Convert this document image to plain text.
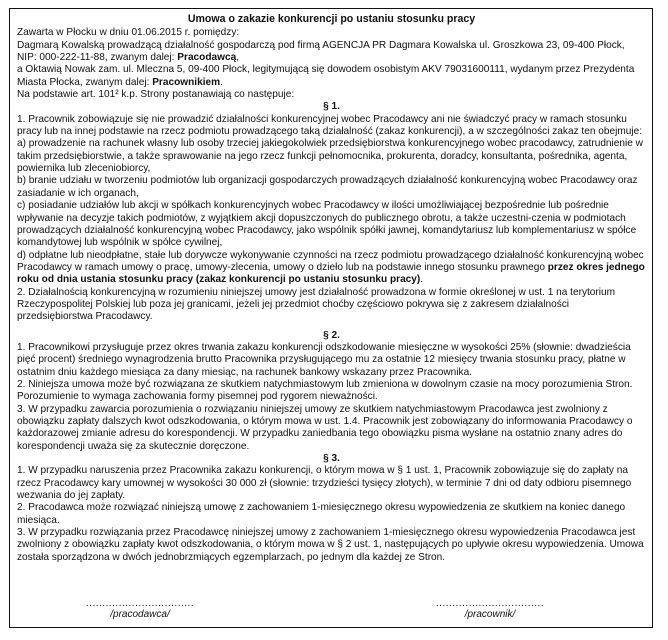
Umowa o zakazie konkurencji po ustaniu stosunku pracy

Zawarta w Płocku w dniu 01.06.2015 r. pomiędzy:

Dagmarą Kowalską prowadzącą działalność gospodarczą pod firmą AGENCJA PR Dagmara Kowalska ul. Groszkowa 23, 09-400 Płock, NIP: 000-222-11-88, zwanym dalej: Pracodawcą,

a Oktawią Nowak zam. ul. Mleczna 5, 09-400 Płock, legitymującą się dowodem osobistym AKV 79031600111, wydanym przez Prezydenta Miasta Płocka, zwanym dalej: Pracownikiem.

Na podstawie art. 101² k.p. Strony postanawiają co następuje:

§ 1.

1. Pracownik zobowiązuje się nie prowadzić działalności konkurencyjnej wobec Pracodawcy ani nie świadczyć pracy w ramach stosunku pracy lub na innej podstawie na rzecz podmiotu prowadzącego taką działalność (zakaz konkurencji), a w szczególności zakaz ten obejmuje:

a) prowadzenie na rachunek własny lub osoby trzeciej jakiegokolwiek przedsiębiorstwa konkurencyjnego wobec pracodawcy, zatrudnienie w takim przedsiębiorstwie, a także sprawowanie na jego rzecz funkcji pełnomocnika, prokurenta, doradcy, konsultanta, pośrednika, agenta, powiernika lub zleceniobiorcy,

b) branie udziału w tworzeniu podmiotów lub organizacji gospodarczych prowadzących działalność konkurencyjną wobec Pracodawcy oraz zasiadanie w ich organach,

c) posiadanie udziałów lub akcji w spółkach konkurencyjnych wobec Pracodawcy w ilości umożliwiającej bezpośrednie lub pośrednie wpływanie na decyzje takich podmiotów, z wyjątkiem akcji dopuszczonych do publicznego obrotu, a także uczestni-czenia w podmiotach prowadzących działalność konkurencyjną wobec Pracodawcy, jako wspólnik spółki jawnej, komandytariusz lub komplementariusz w spółce komandytowej lub wspólnik w spółce cywilnej,

d) odpłatne lub nieodpłatne, stałe lub dorywcze wykonywanie czynności na rzecz podmiotu prowadzącego działalność konkurencyjną wobec Pracodawcy w ramach umowy o pracę, umowy-zlecenia, umowy o dzieło lub na podstawie innego stosunku prawnego przez okres jednego roku od dnia ustania stosunku pracy (zakaz konkurencji po ustaniu stosunku pracy).

2. Działalnością konkurencyjną w rozumieniu niniejszej umowy jest działalność prowadzona w formie określonej w ust. 1 na terytorium Rzeczypospolitej Polskiej lub poza jej granicami, jeżeli jej przedmiot choćby częściowo pokrywa się z zakresem działalności przedsiębiorstwa Pracodawcy.

§ 2.

1. Pracownikowi przysługuje przez okres trwania zakazu konkurencji odszkodowanie miesięczne w wysokości 25% (słownie: dwadzieścia pięć procent) średniego wynagrodzenia brutto Pracownika przysługującego mu za ostatnie 12 miesięcy trwania stosunku pracy, płatne w ostatnim dniu każdego miesiąca za dany miesiąc, na rachunek bankowy wskazany przez Pracownika.

2. Niniejsza umowa może być rozwiązana ze skutkiem natychmiastowym lub zmieniona w dowolnym czasie na mocy porozumienia Stron. Porozumienie to wymaga zachowania formy pisemnej pod rygorem nieważności.

3. W przypadku zawarcia porozumienia o rozwiązaniu niniejszej umowy ze skutkiem natychmiastowym Pracodawca jest zwolniony z obowiązku zapłaty dalszych kwot odszkodowania, o którym mowa w ust. 1.4. Pracownik jest zobowiązany do informowania Pracodawcy o każdorazowej zmianie adresu do korespondencji. W przypadku zaniedbania tego obowiązku pisma wysłane na ostatnio znany adres do korespondencji uważa się za skutecznie doręczone.

§ 3.

1. W przypadku naruszenia przez Pracownika zakazu konkurencji, o którym mowa w § 1 ust. 1, Pracownik zobowiązuje się do zapłaty na rzecz Pracodawcy kary umownej w wysokości 30 000 zł (słownie: trzydzieści tysięcy złotych), w terminie 7 dni od daty odbioru pisemnego wezwania do jej zapłaty.

2. Pracodawca może rozwiązać niniejszą umowę z zachowaniem 1-miesięcznego okresu wypowiedzenia ze skutkiem na koniec danego miesiąca.

3. W przypadku rozwiązania przez Pracodawcę niniejszej umowy z zachowaniem 1-miesięcznego okresu wypowiedzenia Pracodawca jest zwolniony z obowiązku zapłaty kwot odszkodowania, o którym mowa w § 2 ust. 1, następujących po upływie okresu wypowiedzenia. Umowa została sporządzona w dwóch jednobrzmiących egzemplarzach, po jednym dla każdej ze Stron.

.................................
/pracodawca/
.................................
/pracownik/
